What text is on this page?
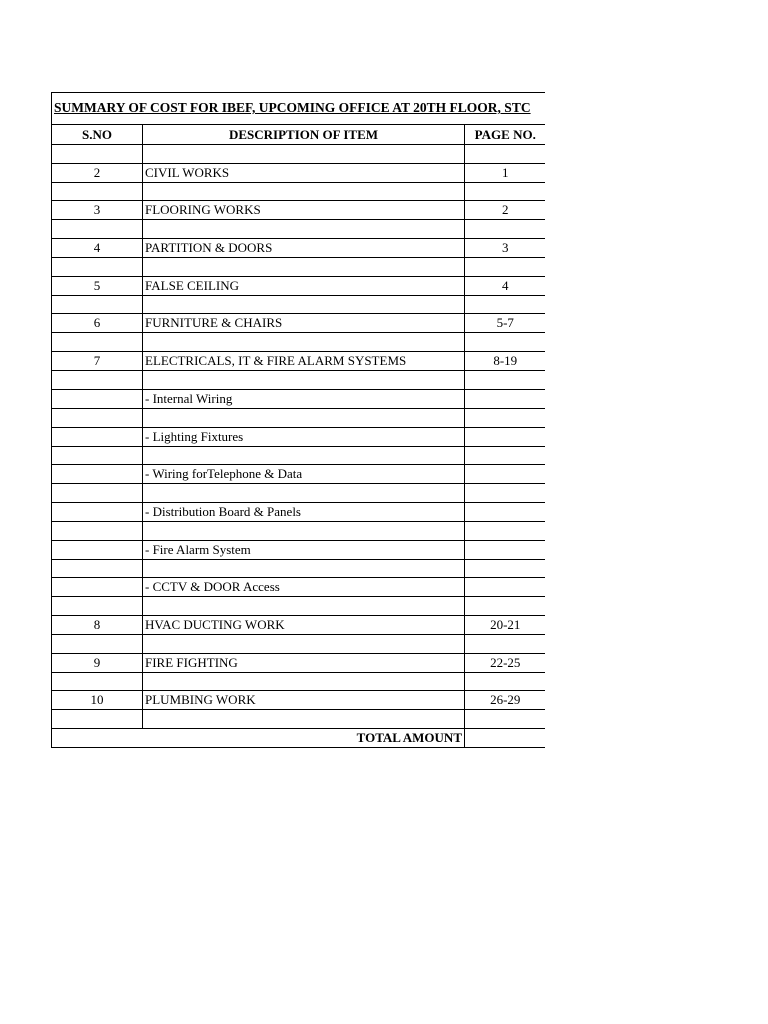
SUMMARY OF COST FOR IBEF, UPCOMING OFFICE AT 20TH FLOOR, STC
S.NO	DESCRIPTION OF ITEM	PAGE NO.

2	CIVIL WORKS	1

3	FLOORING WORKS	2

4	PARTITION & DOORS	3

5	FALSE CEILING	4

6	FURNITURE & CHAIRS	5-7

7	ELECTRICALS, IT & FIRE ALARM SYSTEMS	8-19

	- Internal Wiring	

	- Lighting Fixtures	

	- Wiring forTelephone & Data	

	- Distribution Board & Panels	

	- Fire Alarm System	

	- CCTV & DOOR Access	

8	HVAC DUCTING WORK	20-21

9	FIRE FIGHTING	22-25

10	PLUMBING WORK	26-29

TOTAL AMOUNT		
